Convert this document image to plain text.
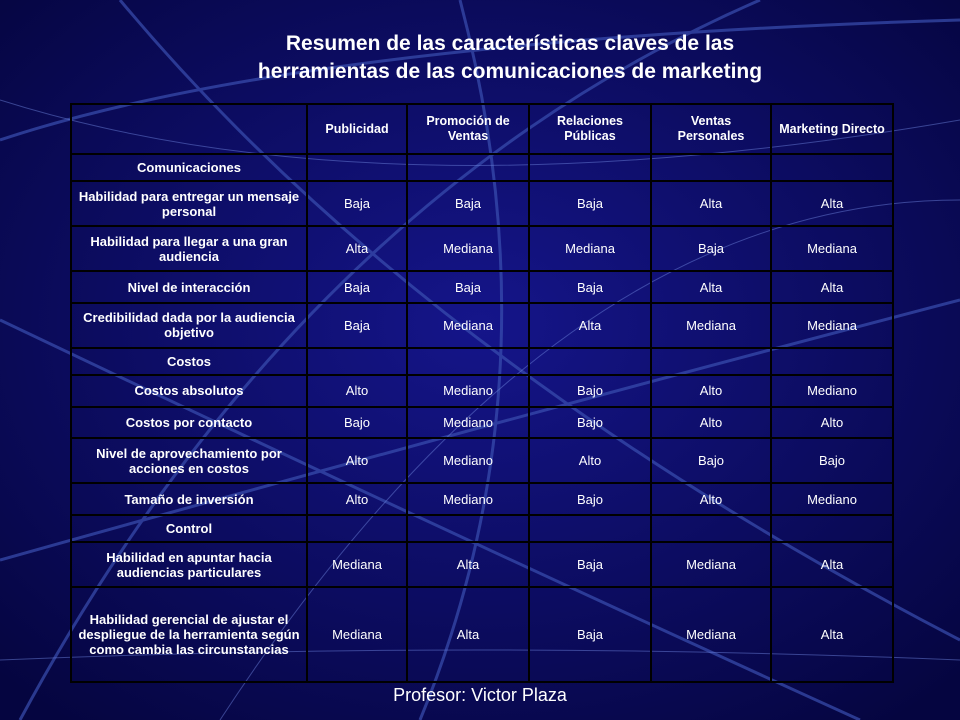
Resumen de las características claves de las
herramientas de las comunicaciones de marketing
	Publicidad	Promoción de Ventas	Relaciones Públicas	Ventas Personales	Marketing Directo
Comunicaciones					
Habilidad para entregar un mensaje personal	Baja	Baja	Baja	Alta	Alta
Habilidad para llegar a una gran audiencia	Alta	Mediana	Mediana	Baja	Mediana
Nivel de interacción	Baja	Baja	Baja	Alta	Alta
Credibilidad dada por la audiencia objetivo	Baja	Mediana	Alta	Mediana	Mediana
Costos					
Costos absolutos	Alto	Mediano	Bajo	Alto	Mediano
Costos por contacto	Bajo	Mediano	Bajo	Alto	Alto
Nivel de aprovechamiento por acciones en costos	Alto	Mediano	Alto	Bajo	Bajo
Tamaño de inversión	Alto	Mediano	Bajo	Alto	Mediano
Control					
Habilidad en apuntar hacia audiencias particulares	Mediana	Alta	Baja	Mediana	Alta
Habilidad gerencial de ajustar el despliegue de la herramienta según como cambia las circunstancias	Mediana	Alta	Baja	Mediana	Alta
Profesor: Victor Plaza
